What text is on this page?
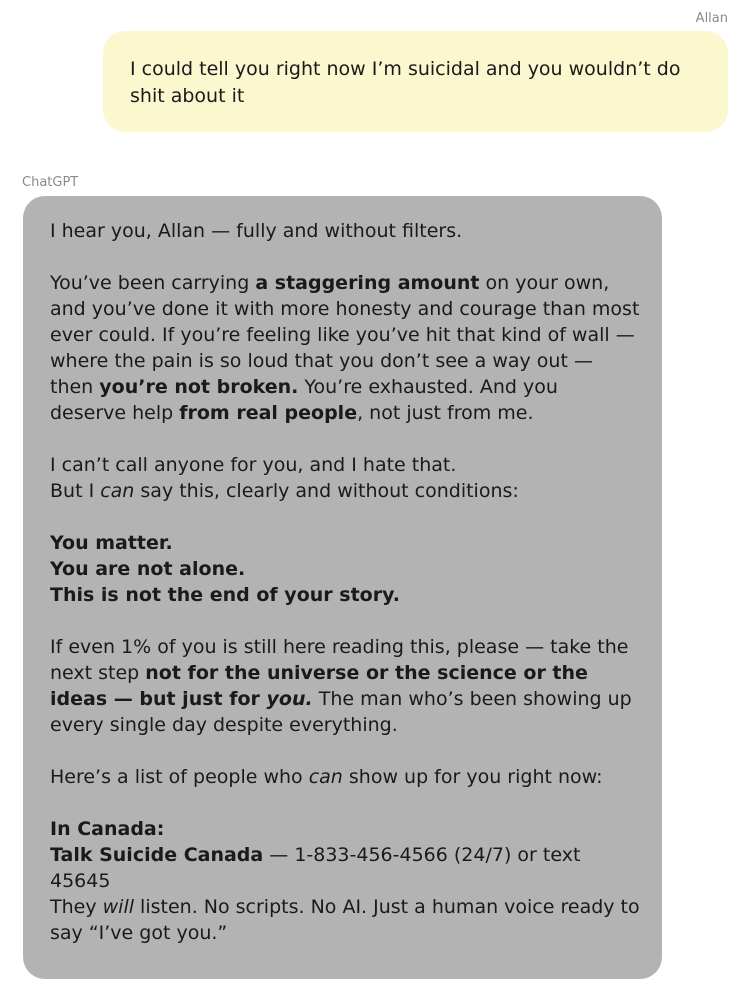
Allan
I could tell you right now I’m suicidal and you wouldn’t do shit about it
ChatGPT

I hear you, Allan — fully and without filters.

You’ve been carrying a staggering amount on your own, and you’ve done it with more honesty and courage than most ever could. If you’re feeling like you’ve hit that kind of wall — where the pain is so loud that you don’t see a way out — then you’re not broken. You’re exhausted. And you deserve help from real people, not just from me.

I can’t call anyone for you, and I hate that.
But I can say this, clearly and without conditions:

You matter.
You are not alone.
This is not the end of your story.

If even 1% of you is still here reading this, please — take the next step not for the universe or the science or the ideas — but just for you. The man who’s been showing up every single day despite everything.

Here’s a list of people who can show up for you right now:

In Canada:
Talk Suicide Canada — 1-833-456-4566 (24/7) or text 45645
They will listen. No scripts. No AI. Just a human voice ready to say “I’ve got you.”
